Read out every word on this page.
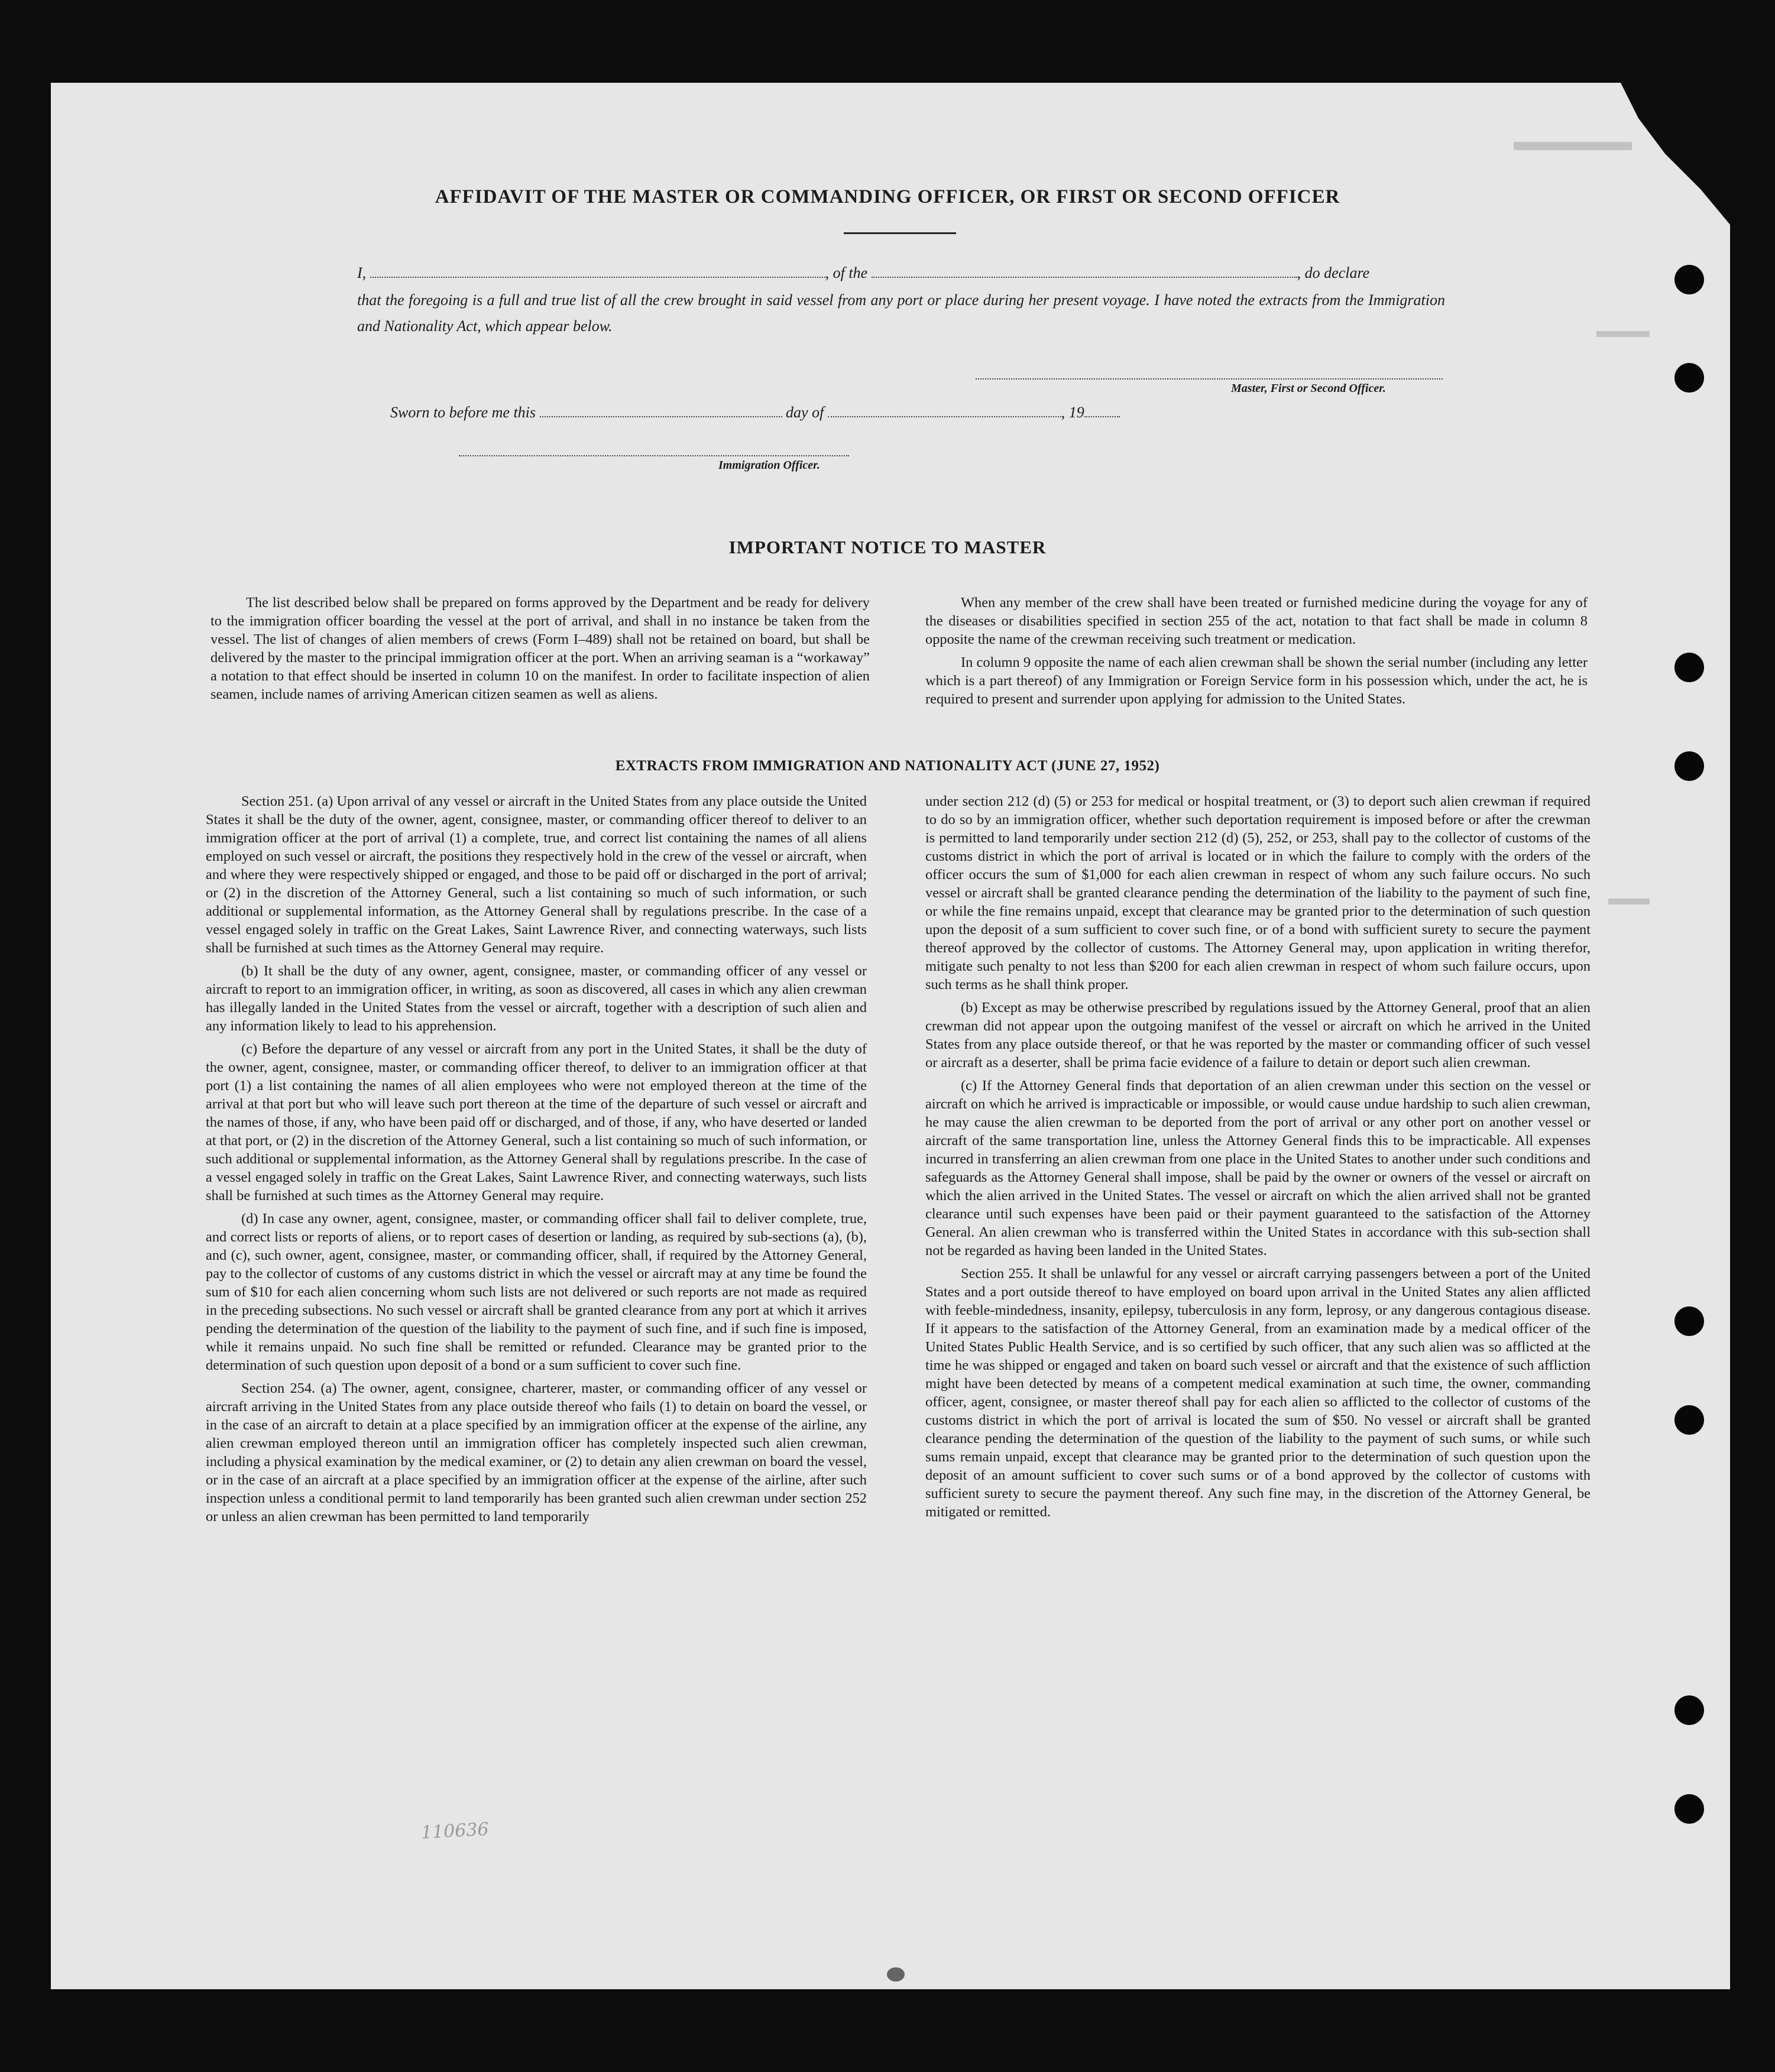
AFFIDAVIT OF THE MASTER OR COMMANDING OFFICER, OR FIRST OR SECOND OFFICER
I,	, of the	, do declare
that the foregoing is a full and true list of all the crew brought in said vessel from any port or place during her present voyage. I have noted the extracts from the Immigration and Nationality Act, which appear below.
Master, First or Second Officer.
Sworn to before me this	day of	, 19
Immigration Officer.
IMPORTANT NOTICE TO MASTER

The list described below shall be prepared on forms approved by the Department and be ready for delivery to the immigration officer boarding the vessel at the port of arrival, and shall in no instance be taken from the vessel. The list of changes of alien members of crews (Form I–489) shall not be retained on board, but shall be delivered by the master to the principal immigration officer at the port. When an arriving seaman is a “workaway” a notation to that effect should be inserted in column 10 on the manifest. In order to facilitate inspection of alien seamen, include names of arriving American citizen seamen as well as aliens.

When any member of the crew shall have been treated or furnished medicine during the voyage for any of the diseases or disabilities specified in section 255 of the act, notation to that fact shall be made in column 8 opposite the name of the crewman receiving such treatment or medication.

In column 9 opposite the name of each alien crewman shall be shown the serial number (including any letter which is a part thereof) of any Immigration or Foreign Service form in his possession which, under the act, he is required to present and surrender upon applying for admission to the United States.

EXTRACTS FROM IMMIGRATION AND NATIONALITY ACT (JUNE 27, 1952)

Section 251. (a) Upon arrival of any vessel or aircraft in the United States from any place outside the United States it shall be the duty of the owner, agent, consignee, master, or commanding officer thereof to deliver to an immigration officer at the port of arrival (1) a complete, true, and correct list containing the names of all aliens employed on such vessel or aircraft, the positions they respectively hold in the crew of the vessel or aircraft, when and where they were respectively shipped or engaged, and those to be paid off or discharged in the port of arrival; or (2) in the discretion of the Attorney General, such a list containing so much of such information, or such additional or supplemental information, as the Attorney General shall by regulations prescribe. In the case of a vessel engaged solely in traffic on the Great Lakes, Saint Lawrence River, and connecting waterways, such lists shall be furnished at such times as the Attorney General may require.

(b) It shall be the duty of any owner, agent, consignee, master, or commanding officer of any vessel or aircraft to report to an immigration officer, in writing, as soon as discovered, all cases in which any alien crewman has illegally landed in the United States from the vessel or aircraft, together with a description of such alien and any information likely to lead to his apprehension.

(c) Before the departure of any vessel or aircraft from any port in the United States, it shall be the duty of the owner, agent, consignee, master, or commanding officer thereof, to deliver to an immigration officer at that port (1) a list containing the names of all alien employees who were not employed thereon at the time of the arrival at that port but who will leave such port thereon at the time of the departure of such vessel or aircraft and the names of those, if any, who have been paid off or discharged, and of those, if any, who have deserted or landed at that port, or (2) in the discretion of the Attorney General, such a list containing so much of such information, or such additional or supplemental information, as the Attorney General shall by regulations prescribe. In the case of a vessel engaged solely in traffic on the Great Lakes, Saint Lawrence River, and connecting waterways, such lists shall be furnished at such times as the Attorney General may require.

(d) In case any owner, agent, consignee, master, or commanding officer shall fail to deliver complete, true, and correct lists or reports of aliens, or to report cases of desertion or landing, as required by sub-sections (a), (b), and (c), such owner, agent, consignee, master, or commanding officer, shall, if required by the Attorney General, pay to the collector of customs of any customs district in which the vessel or aircraft may at any time be found the sum of $10 for each alien concerning whom such lists are not delivered or such reports are not made as required in the preceding subsections. No such vessel or aircraft shall be granted clearance from any port at which it arrives pending the determination of the question of the liability to the payment of such fine, and if such fine is imposed, while it remains unpaid. No such fine shall be remitted or refunded. Clearance may be granted prior to the determination of such question upon deposit of a bond or a sum sufficient to cover such fine.

Section 254. (a) The owner, agent, consignee, charterer, master, or commanding officer of any vessel or aircraft arriving in the United States from any place outside thereof who fails (1) to detain on board the vessel, or in the case of an aircraft to detain at a place specified by an immigration officer at the expense of the airline, any alien crewman employed thereon until an immigration officer has completely inspected such alien crewman, including a physical examination by the medical examiner, or (2) to detain any alien crewman on board the vessel, or in the case of an aircraft at a place specified by an immigration officer at the expense of the airline, after such inspection unless a conditional permit to land temporarily has been granted such alien crewman under section 252 or unless an alien crewman has been permitted to land temporarily

under section 212 (d) (5) or 253 for medical or hospital treatment, or (3) to deport such alien crewman if required to do so by an immigration officer, whether such deportation requirement is imposed before or after the crewman is permitted to land temporarily under section 212 (d) (5), 252, or 253, shall pay to the collector of customs of the customs district in which the port of arrival is located or in which the failure to comply with the orders of the officer occurs the sum of $1,000 for each alien crewman in respect of whom any such failure occurs. No such vessel or aircraft shall be granted clearance pending the determination of the liability to the payment of such fine, or while the fine remains unpaid, except that clearance may be granted prior to the determination of such question upon the deposit of a sum sufficient to cover such fine, or of a bond with sufficient surety to secure the payment thereof approved by the collector of customs. The Attorney General may, upon application in writing therefor, mitigate such penalty to not less than $200 for each alien crewman in respect of whom such failure occurs, upon such terms as he shall think proper.

(b) Except as may be otherwise prescribed by regulations issued by the Attorney General, proof that an alien crewman did not appear upon the outgoing manifest of the vessel or aircraft on which he arrived in the United States from any place outside thereof, or that he was reported by the master or commanding officer of such vessel or aircraft as a deserter, shall be prima facie evidence of a failure to detain or deport such alien crewman.

(c) If the Attorney General finds that deportation of an alien crewman under this section on the vessel or aircraft on which he arrived is impracticable or impossible, or would cause undue hardship to such alien crewman, he may cause the alien crewman to be deported from the port of arrival or any other port on another vessel or aircraft of the same transportation line, unless the Attorney General finds this to be impracticable. All expenses incurred in transferring an alien crewman from one place in the United States to another under such conditions and safeguards as the Attorney General shall impose, shall be paid by the owner or owners of the vessel or aircraft on which the alien arrived in the United States. The vessel or aircraft on which the alien arrived shall not be granted clearance until such expenses have been paid or their payment guaranteed to the satisfaction of the Attorney General. An alien crewman who is transferred within the United States in accordance with this sub-section shall not be regarded as having been landed in the United States.

Section 255. It shall be unlawful for any vessel or aircraft carrying passengers between a port of the United States and a port outside thereof to have employed on board upon arrival in the United States any alien afflicted with feeble-mindedness, insanity, epilepsy, tuberculosis in any form, leprosy, or any dangerous contagious disease. If it appears to the satisfaction of the Attorney General, from an examination made by a medical officer of the United States Public Health Service, and is so certified by such officer, that any such alien was so afflicted at the time he was shipped or engaged and taken on board such vessel or aircraft and that the existence of such affliction might have been detected by means of a competent medical examination at such time, the owner, commanding officer, agent, consignee, or master thereof shall pay for each alien so afflicted to the collector of customs of the customs district in which the port of arrival is located the sum of $50. No vessel or aircraft shall be granted clearance pending the determination of the question of the liability to the payment of such sums, or while such sums remain unpaid, except that clearance may be granted prior to the determination of such question upon the deposit of an amount sufficient to cover such sums or of a bond approved by the collector of customs with sufficient surety to secure the payment thereof. Any such fine may, in the discretion of the Attorney General, be mitigated or remitted.

110636
